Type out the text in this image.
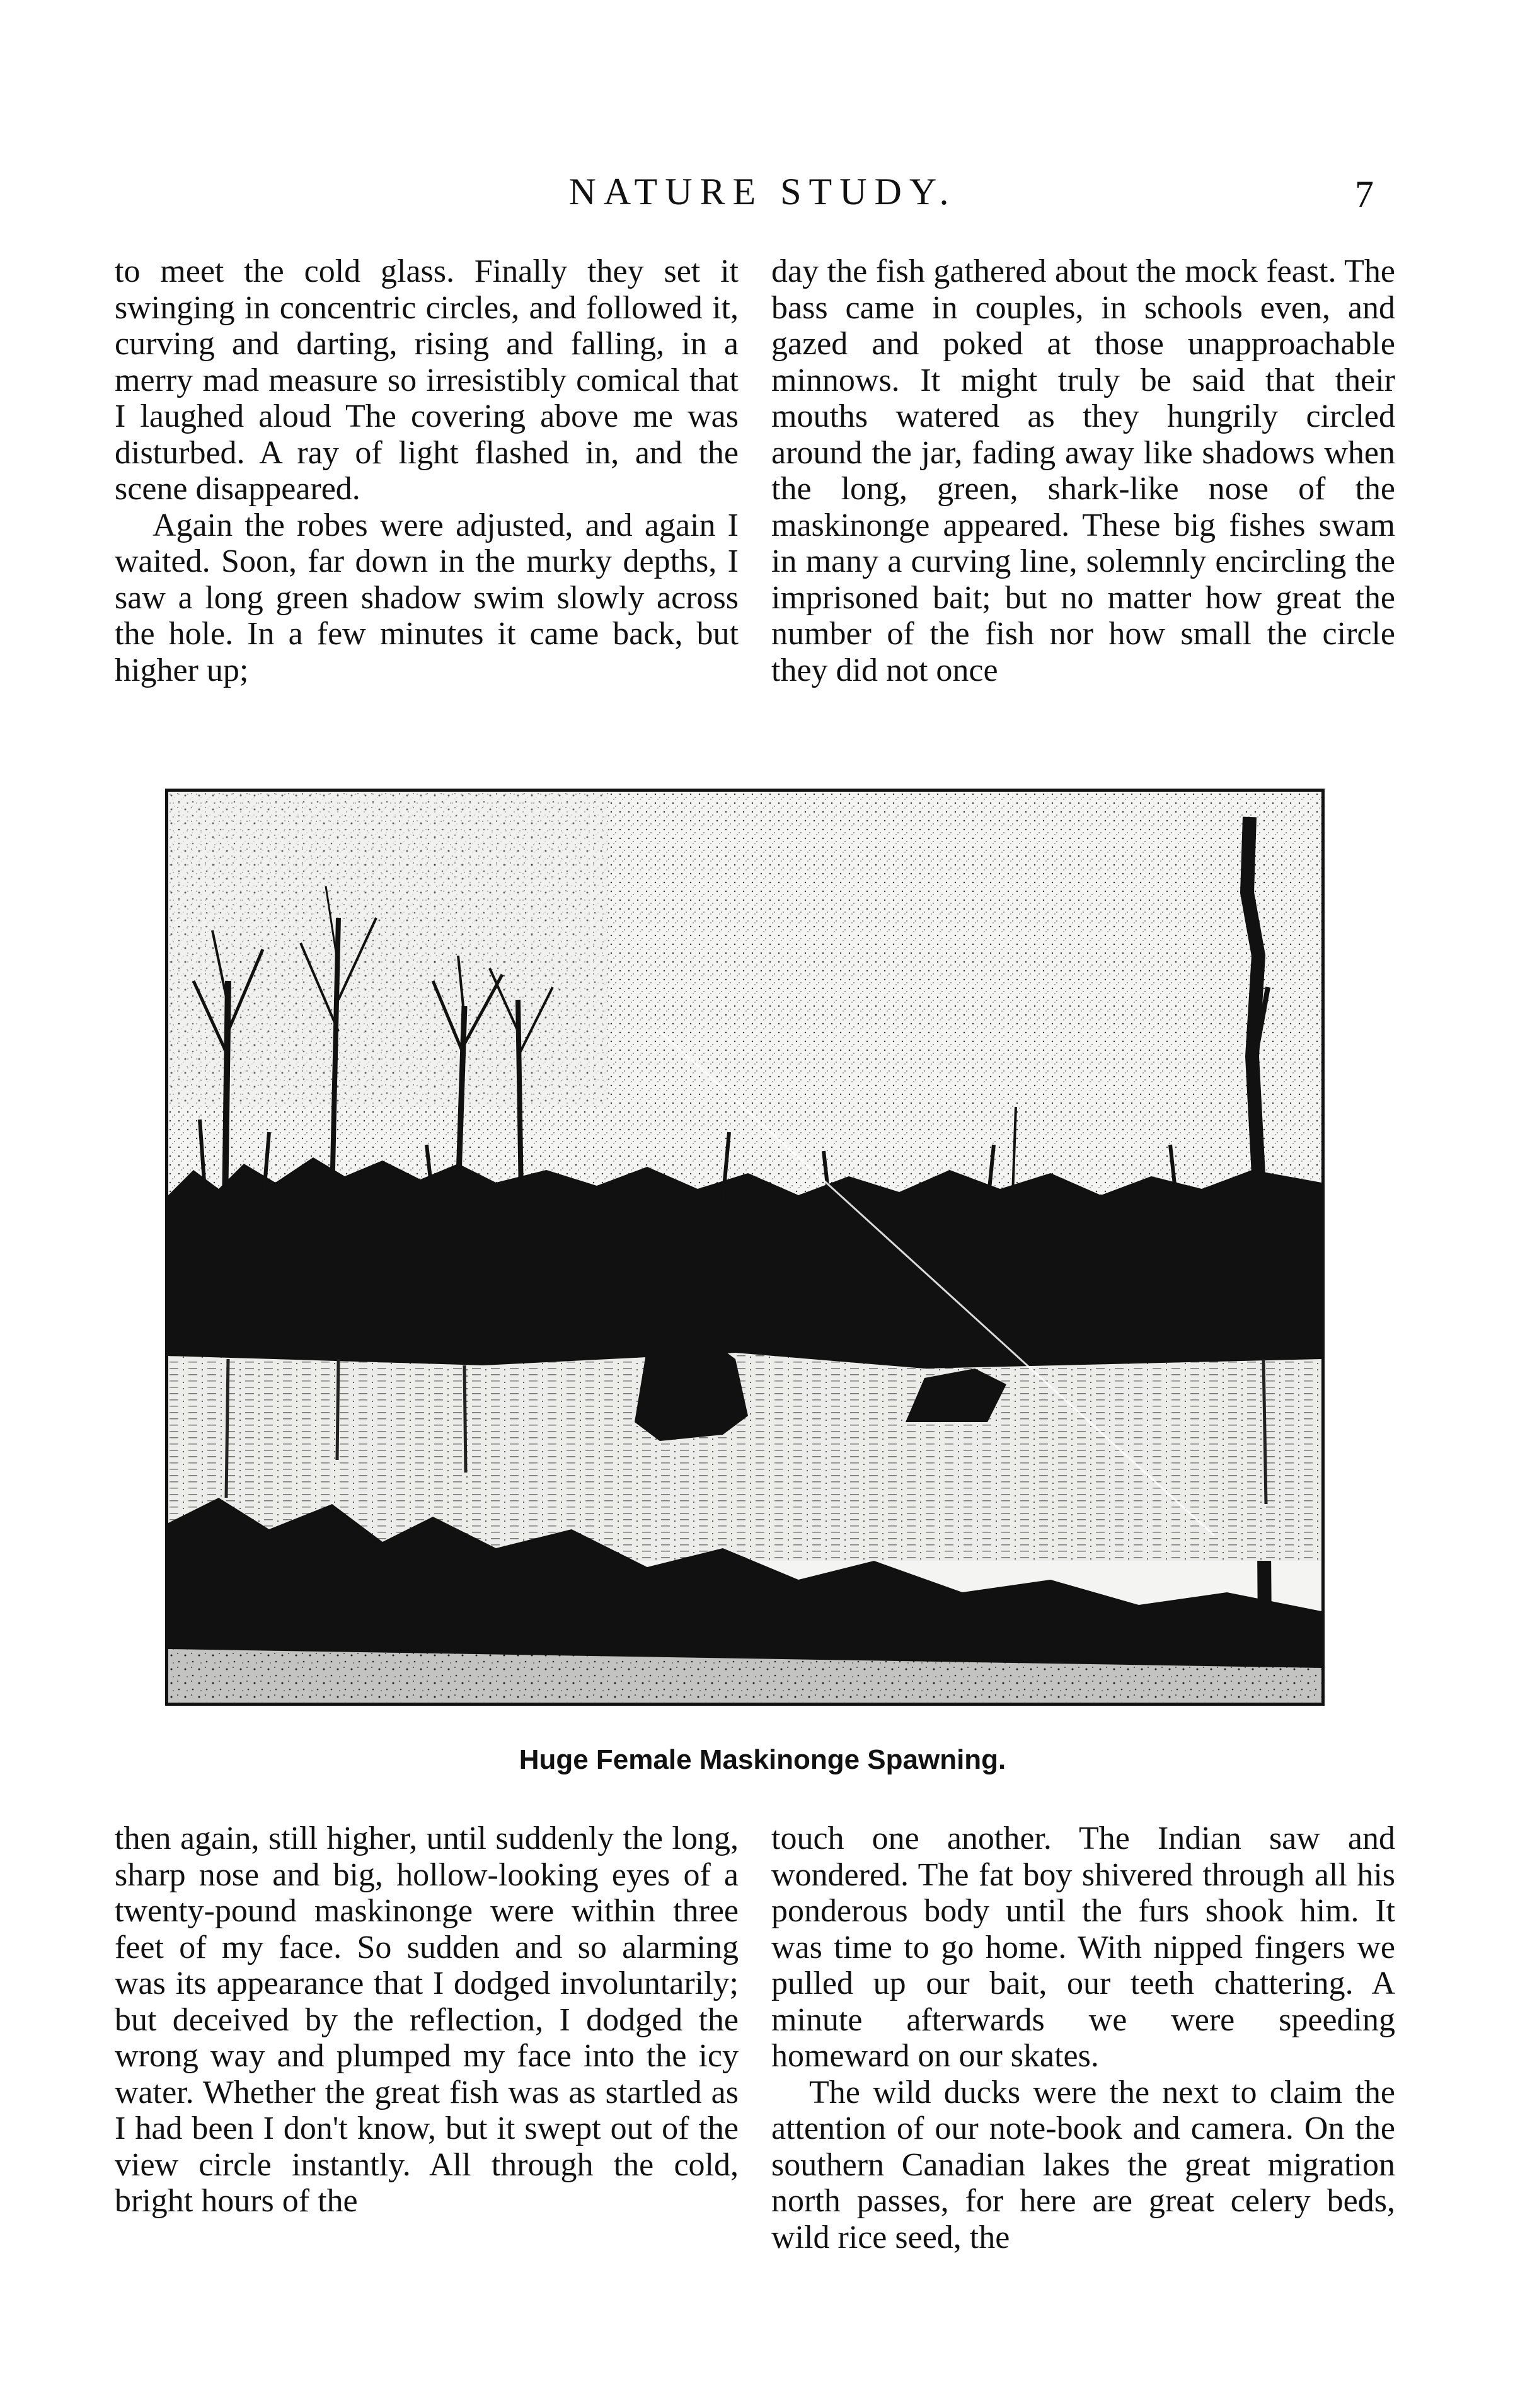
NATURE STUDY.	7

to meet the cold glass. Finally they set it swinging in concentric circles, and followed it, curving and darting, rising and falling, in a merry mad measure so irresistibly comical that I laughed aloud The covering above me was disturbed. A ray of light flashed in, and the scene disappeared.

Again the robes were adjusted, and again I waited. Soon, far down in the murky depths, I saw a long green shadow swim slowly across the hole. In a few minutes it came back, but higher up;

day the fish gathered about the mock feast. The bass came in couples, in schools even, and gazed and poked at those unapproachable minnows. It might truly be said that their mouths watered as they hungrily circled around the jar, fading away like shadows when the long, green, shark-like nose of the maskinonge appeared. These big fishes swam in many a curving line, solemnly encircling the imprisoned bait; but no matter how great the number of the fish nor how small the circle they did not once

Huge Female Maskinonge Spawning.

then again, still higher, until suddenly the long, sharp nose and big, hollow-looking eyes of a twenty-pound maskinonge were within three feet of my face. So sudden and so alarming was its appearance that I dodged involuntarily; but deceived by the reflection, I dodged the wrong way and plumped my face into the icy water. Whether the great fish was as startled as I had been I don't know, but it swept out of the view circle instantly. All through the cold, bright hours of the

touch one another. The Indian saw and wondered. The fat boy shivered through all his ponderous body until the furs shook him. It was time to go home. With nipped fingers we pulled up our bait, our teeth chattering. A minute afterwards we were speeding homeward on our skates.

The wild ducks were the next to claim the attention of our note-book and camera. On the southern Canadian lakes the great migration north passes, for here are great celery beds, wild rice seed, the
